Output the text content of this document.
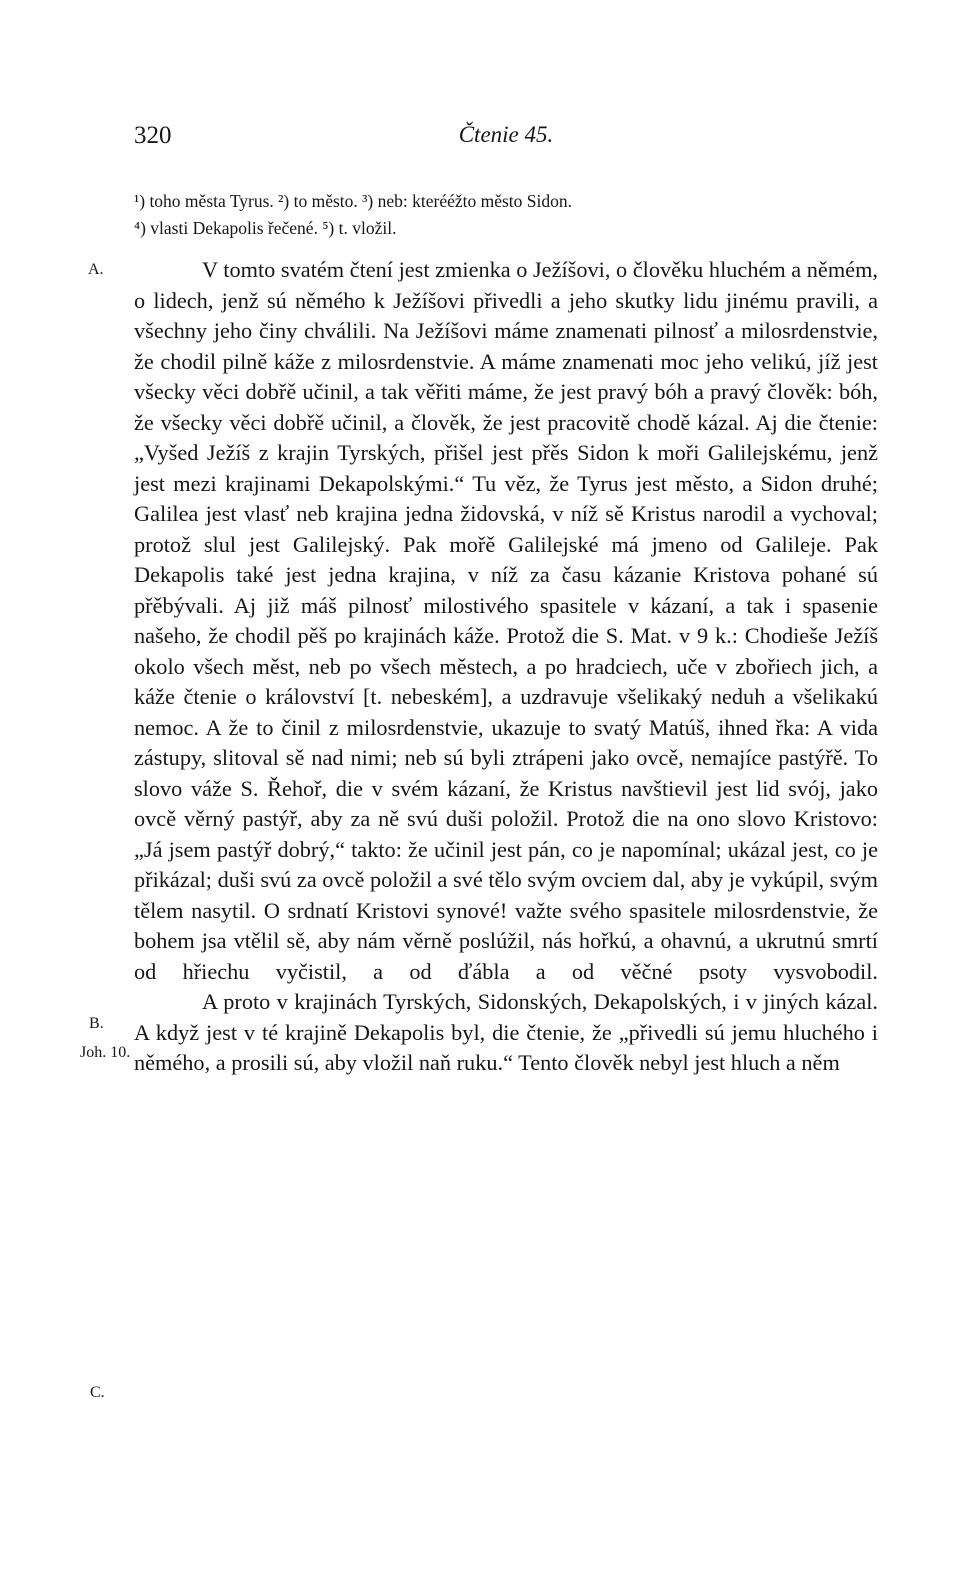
320	Čtenie 45.
¹) toho města Tyrus. ²) to město. ³) neb: kterééžto město Sidon.
⁴) vlasti Dekapolis řečené. ⁵) t. vložil.
A.
B.
Joh. 10.
C.

V tomto svatém čtení jest zmienka o Ježíšovi, o člověku hluchém a němém, o lidech, jenž sú němého k Ježíšovi přivedli a jeho skutky lidu jinému pravili, a všechny jeho činy chválili. Na Ježíšovi máme znamenati pilnosť a milosrdenstvie, že chodil pilně káže z milosrdenstvie. A máme znamenati moc jeho velikú, jíž jest všecky věci dobřě učinil, a tak věřiti máme, že jest pravý bóh a pravý člověk: bóh, že všecky věci dobřě učinil, a člověk, že jest pracovitě chodě kázal. Aj die čtenie: „Vyšed Ježíš z krajin Tyrských, přišel jest přěs Sidon k moři Galilejskému, jenž jest mezi krajinami Dekapolskými.“ Tu věz, že Tyrus jest město, a Sidon druhé; Galilea jest vlasť neb krajina jedna židovská, v níž sě Kristus narodil a vychoval; protož slul jest Galilejský. Pak mořě Galilejské má jmeno od Galileje. Pak Dekapolis také jest jedna krajina, v níž za času kázanie Kristova pohané sú přěbývali. Aj již máš pilnosť milostivého spasitele v kázaní, a tak i spasenie našeho, že chodil pěš po krajinách káže. Protož die S. Mat. v 9 k.: Chodieše Ježíš okolo všech měst, neb po všech městech, a po hradciech, uče v zbořiech jich, a káže čtenie o království [t. nebeském], a uzdravuje všelikaký neduh a všelikakú nemoc. A že to činil z milosrdenstvie, ukazuje to svatý Matúš, ihned řka: A vida zástupy, slitoval sě nad nimi; neb sú byli ztrápeni jako ovcě, nemajíce pastýřě. To slovo váže S. Řehoř, die v svém kázaní, že Kristus navštievil jest lid svój, jako ovcě věrný pastýř, aby za ně svú duši položil. Protož die na ono slovo Kristovo: „Já jsem pastýř dobrý,“ takto: že učinil jest pán, co je napomínal; ukázal jest, co je přikázal; duši svú za ovcě položil a své tělo svým ovciem dal, aby je vykúpil, svým tělem nasytil. O srdnatí Kristovi synové! važte svého spasitele milosrdenstvie, že bohem jsa vtělil sě, aby nám věrně poslúžil, nás hořkú, a ohavnú, a ukrutnú smrtí od hřiechu vyčistil, a od ďábla a od věčné psoty vysvobodil.

A proto v krajinách Tyrských, Sidonských, Dekapolských, i v jiných kázal. A když jest v té krajině Dekapolis byl, die čtenie, že „přivedli sú jemu hluchého i němého, a prosili sú, aby vložil naň ruku.“ Tento člověk nebyl jest hluch a něm
